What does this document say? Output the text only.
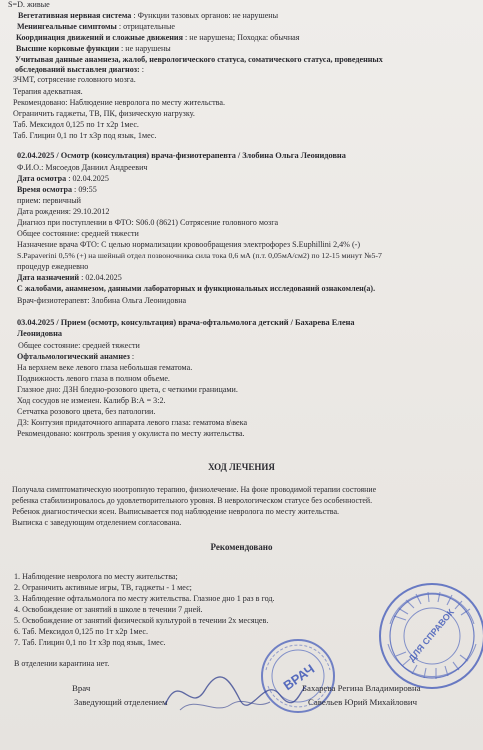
S=D. живые
Вегетативная нервная система : Функции тазовых органов: не нарушены
Менингеальные симптомы : отрицательные
Координация движений и сложные движения : не нарушена; Походка: обычная
Высшие корковые функции : не нарушены
Учитывая данные анамнеза, жалоб, неврологического статуса, соматического статуса, проведенных
обследований выставлен диагноз: :
ЗЧМТ, сотрясение головного мозга.
Терапия адекватная.
Рекомендовано: Наблюдение невролога по месту жительства.
Ограничить гаджеты, ТВ, ПК, физическую нагрузку.
Таб. Мексидол 0,125 по 1т х2р 1мес.
Таб. Глицин 0,1 по 1т х3р под язык, 1мес.
02.04.2025 / Осмотр (консультация) врача-физиотерапевта / Злобина Ольга Леонидовна
Ф.И.О.: Мясоедов Даниил Андреевич
Дата осмотра : 02.04.2025
Время осмотра : 09:55
прием: первичный
Дата рождения: 29.10.2012
Диагноз при поступлении в ФТО: S06.0 (8621) Сотрясение головного мозга
Общее состояние: средней тяжести
Назначение врача ФТО: С целью нормализации кровообращения электрофорез S.Euphillini 2,4% (-)
S.Papaverini 0,5% (+) на шейный отдел позвоночника сила тока 0,6 мА (п.т. 0,05мА/см2) по 12-15 минут №5-7
процедур ежедневно
Дата назначений : 02.04.2025
С жалобами, анамнезом, данными лабораторных и функциональных исследований ознакомлен(а).
Врач-физиотерапевт: Злобина Ольга Леонидовна
03.04.2025 / Прием (осмотр, консультация) врача-офтальмолога детский / Бахарева Елена
Леонидовна
Общее состояние: средней тяжести
Офтальмологический анамнез :
На верхнем веке левого глаза небольшая гематома.
Подвижность левого глаза в полном объеме.
Глазное дно: ДЗН бледно-розового цвета, с четкими границами.
Ход сосудов не изменен. Калибр В:А = 3:2.
Сетчатка розового цвета, без патологии.
ДЗ: Контузия придаточного аппарата левого глаза: гематома в\века
Рекомендовано: контроль зрения у окулиста по месту жительства.
ХОД ЛЕЧЕНИЯ
Получала симптоматическую ноотропную терапию, физиолечение. На фоне проводимой терапии состояние
ребенка стабилизировалось до удовлетворительного уровня. В неврологическом статусе без особенностей.
Ребенок диагностически ясен. Выписывается под наблюдение невролога по месту жительства.
Выписка с заведующим отделением согласована.
Рекомендовано
1. Наблюдение невролога по месту жительства;
2. Ограничить активные игры, ТВ, гаджеты - 1 мес;
3. Наблюдение офтальмолога по месту жительства. Глазное дно 1 раз в год.
4. Освобождение от занятий в школе в течении 7 дней.
5. Освобождение от занятий физической культурой в течении 2х месяцев.
6. Таб. Мексидол 0,125 по 1т х2р 1мес.
7. Таб. Глицин 0,1 по 1т х3р под язык, 1мес.
В отделении карантина нет.	ДЛЯ СПРАВОК
ВРАЧ
Врач
Заведующий отделением
Бахарева Регина Владимировна
Савельев Юрий Михайлович
